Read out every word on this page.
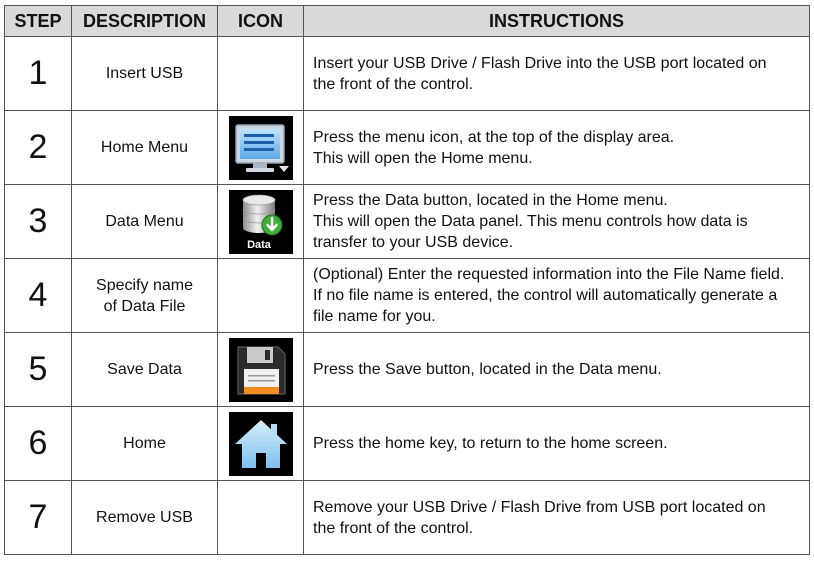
STEP	DESCRIPTION	ICON	INSTRUCTIONS
1	Insert USB		Insert your USB Drive / Flash Drive into the USB port located on
the front of the control.
2	Home Menu		Press the menu icon, at the top of the display area.
This will open the Home menu.
3	Data Menu	Data	Press the Data button, located in the Home menu.
This will open the Data panel. This menu controls how data is
transfer to your USB device.
4	Specify name
of Data File		(Optional) Enter the requested information into the File Name field.
If no file name is entered, the control will automatically generate a
file name for you.
5	Save Data		Press the Save button, located in the Data menu.
6	Home		Press the home key, to return to the home screen.
7	Remove USB		Remove your USB Drive / Flash Drive from USB port located on
the front of the control.
